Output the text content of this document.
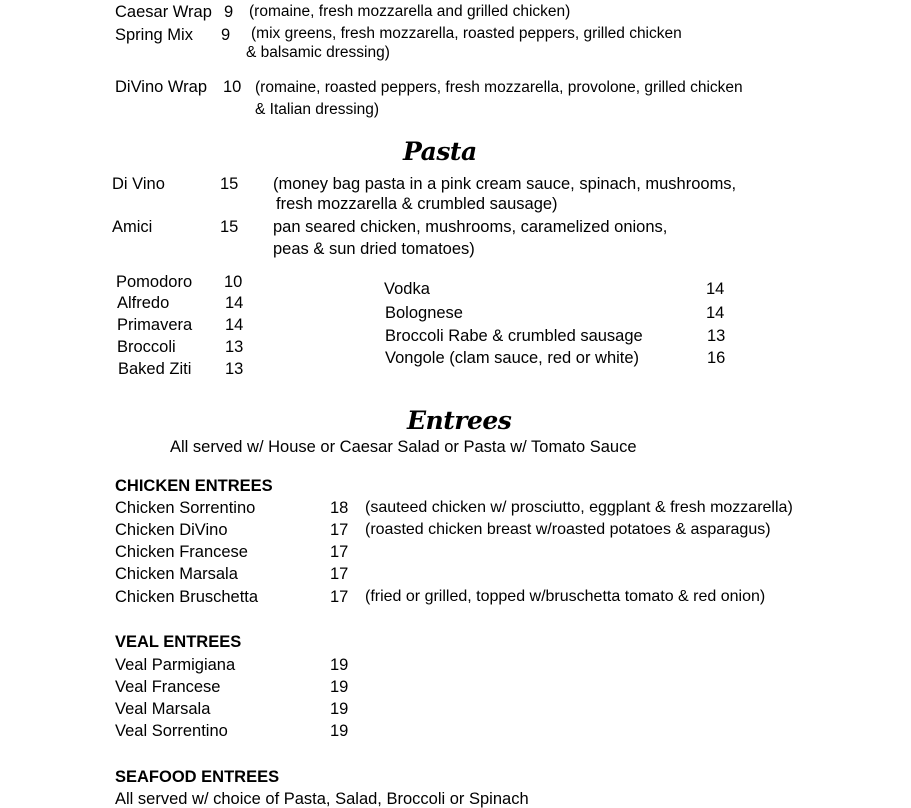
Caesar Wrap 9 (romaine, fresh mozzarella and grilled chicken)
Spring Mix 9 (mix greens, fresh mozzarella, roasted peppers, grilled chicken
& balsamic dressing)
DiVino Wrap 10 (romaine, roasted peppers, fresh mozzarella, provolone, grilled chicken
& Italian dressing)
Pasta
Di Vino	15 (money bag pasta in a pink cream sauce, spinach, mushrooms,
fresh mozzarella & crumbled sausage)
Amici	15 pan seared chicken, mushrooms, caramelized onions,
peas & sun dried tomatoes)
Pomodoro 10
Alfredo	14
Primavera 14
Broccoli	13
Baked Ziti 13
Vodka	14
Bolognese	14
Broccoli Rabe & crumbled sausage	13
Vongole (clam sauce, red or white)	16
Entrees
All served w/ House or Caesar Salad or Pasta w/ Tomato Sauce
CHICKEN ENTREES
Chicken Sorrentino	18 (sauteed chicken w/ prosciutto, eggplant & fresh mozzarella)
Chicken DiVino	17 (roasted chicken breast w/roasted potatoes & asparagus)
Chicken Francese	17
Chicken Marsala	17
Chicken Bruschetta	17 (fried or grilled, topped w/bruschetta tomato & red onion)
VEAL ENTREES
Veal Parmigiana	19
Veal Francese	19
Veal Marsala	19
Veal Sorrentino	19
SEAFOOD ENTREES
All served w/ choice of Pasta, Salad, Broccoli or Spinach
